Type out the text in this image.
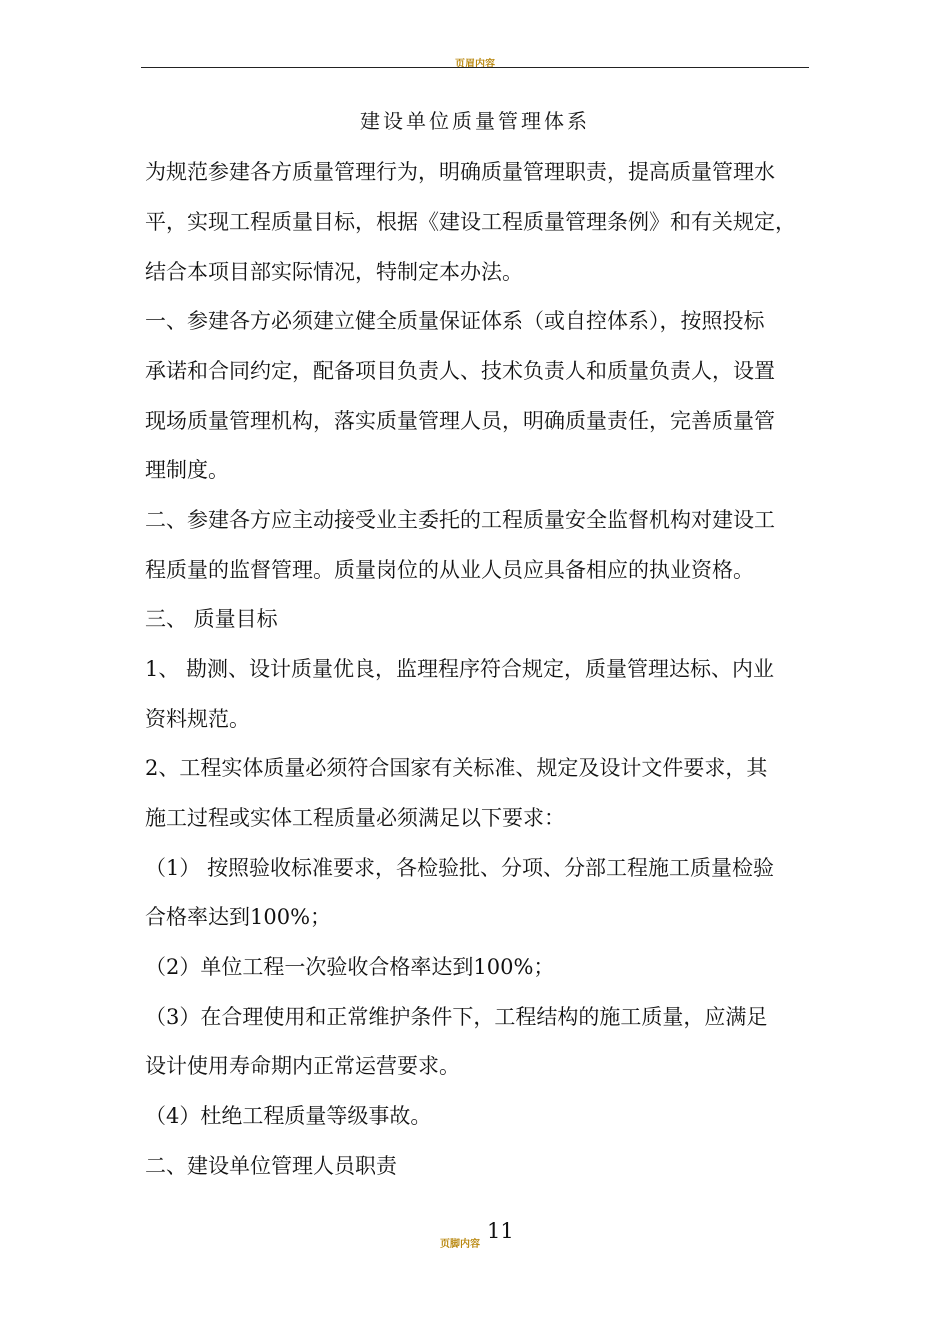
页眉内容
建设单位质量管理体系
为规范参建各方质量管理行为，明确质量管理职责，提高质量管理水
平，实现工程质量目标，根据《建设工程质量管理条例》和有关规定，
结合本项目部实际情况，特制定本办法。
一、参建各方必须建立健全质量保证体系（或自控体系），按照投标
承诺和合同约定，配备项目负责人、技术负责人和质量负责人，设置
现场质量管理机构，落实质量管理人员，明确质量责任，完善质量管
理制度。
二、参建各方应主动接受业主委托的工程质量安全监督机构对建设工
程质量的监督管理。质量岗位的从业人员应具备相应的执业资格。
三、 质量目标
1、 勘测、设计质量优良，监理程序符合规定，质量管理达标、内业
资料规范。
2、工程实体质量必须符合国家有关标准、规定及设计文件要求，其
施工过程或实体工程质量必须满足以下要求：
（1） 按照验收标准要求，各检验批、分项、分部工程施工质量检验
合格率达到100%；
（2）单位工程一次验收合格率达到100%；
（3）在合理使用和正常维护条件下，工程结构的施工质量，应满足
设计使用寿命期内正常运营要求。
（4）杜绝工程质量等级事故。
二、建设单位管理人员职责
11
页脚内容
